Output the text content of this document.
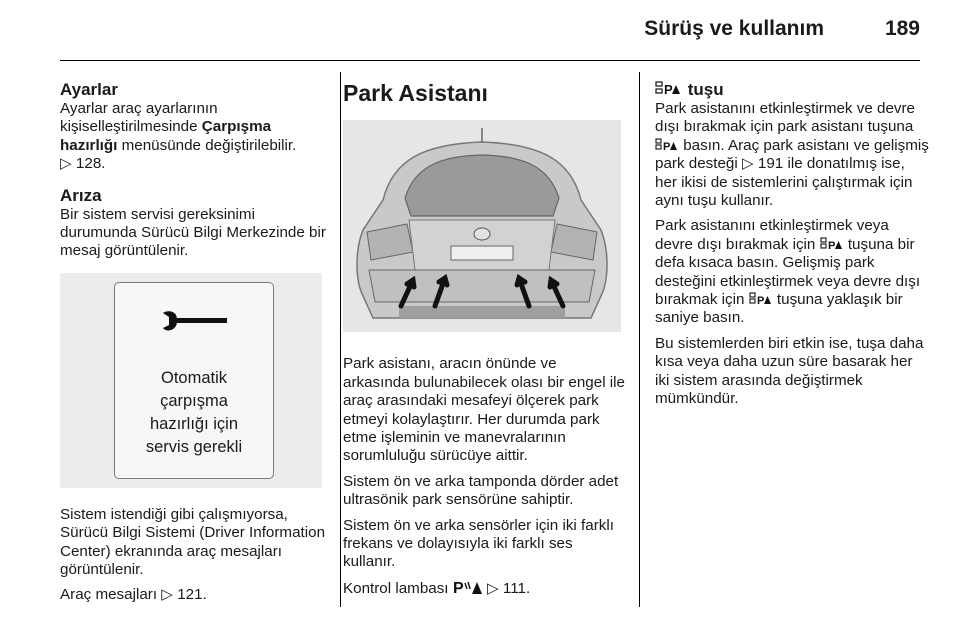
Sürüş ve kullanım	189
Ayarlar

Ayarlar araç ayarlarının kişiselleştirilmesinde Çarpışma hazırlığı menüsünde değiştirilebilir.
▷ 128.

Arıza

Bir sistem servisi gereksinimi durumunda Sürücü Bilgi Merkezinde bir mesaj görüntülenir.

Otomatik
çarpışma
hazırlığı için
servis gerekli

Sistem istendiği gibi çalışmıyorsa, Sürücü Bilgi Sistemi (Driver Information Center) ekranında araç mesajları görüntülenir.

Araç mesajları ▷ 121.

Park Asistanı

Park asistanı, aracın önünde ve arkasında bulunabilecek olası bir engel ile araç arasındaki mesafeyi ölçerek park etmeyi kolaylaştırır. Her durumda park etme işleminin ve manevralarının sorumluluğu sürücüye aittir.

Sistem ön ve arka tamponda dörder adet ultrasönik park sensörüne sahiptir.

Sistem ön ve arka sensörler için iki farklı frekans ve dolayısıyla iki farklı ses kullanır.

Kontrol lambası P ▷ 111.

P tuşu

Park asistanını etkinleştirmek ve devre dışı bırakmak için park asistanı tuşuna
P basın. Araç park asistanı ve gelişmiş park desteği ▷ 191 ile donatılmış ise, her ikisi de sistemlerini çalıştırmak için aynı tuşu kullanır.

Park asistanını etkinleştirmek veya devre dışı bırakmak için P tuşuna bir defa kısaca basın. Gelişmiş park desteğini etkinleştirmek veya devre dışı bırakmak için P tuşuna yaklaşık bir saniye basın.

Bu sistemlerden biri etkin ise, tuşa daha kısa veya daha uzun süre basarak her iki sistem arasında değiştirmek mümkündür.
